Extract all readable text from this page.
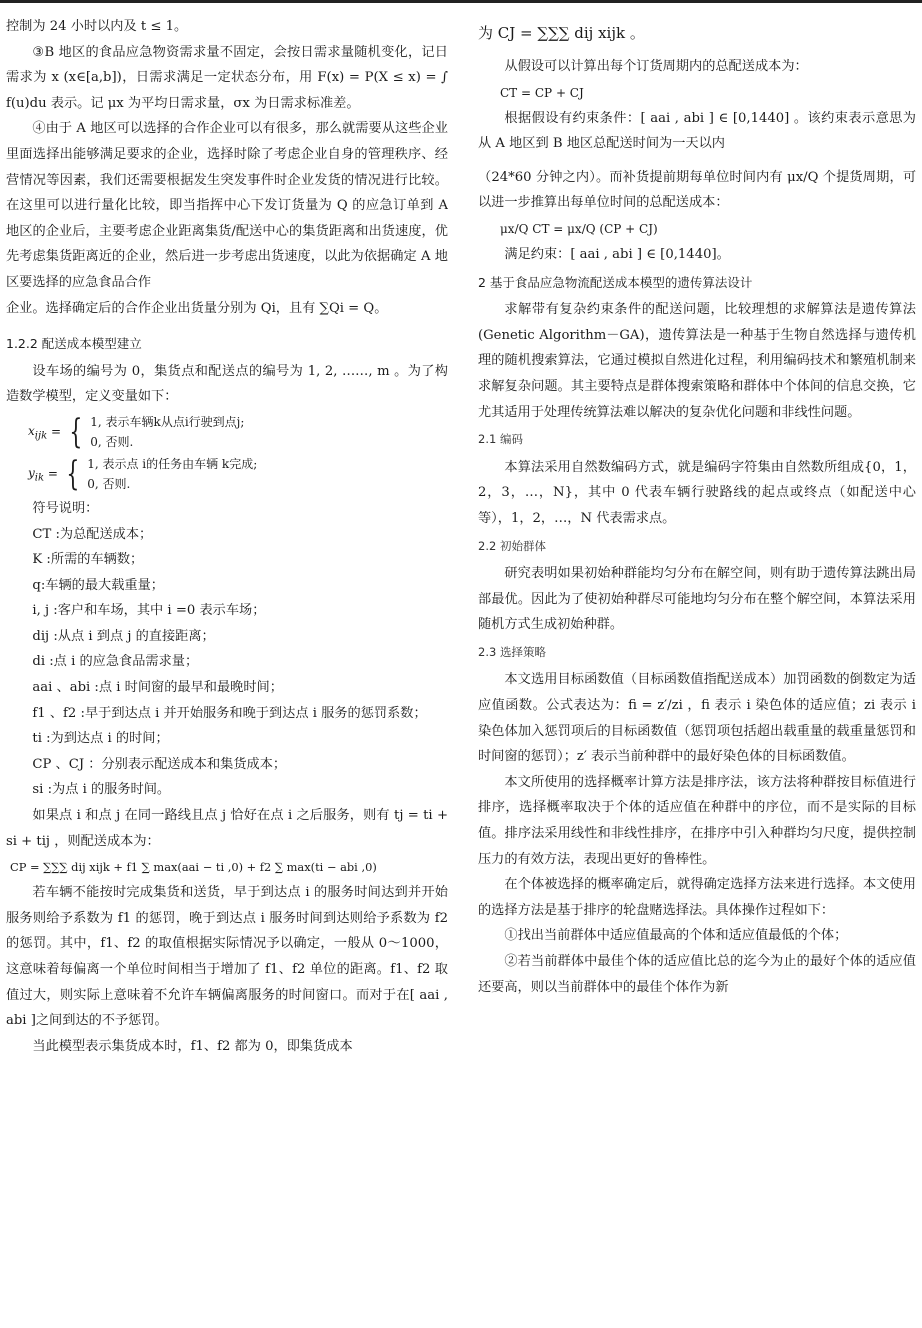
控制为 24 小时以内及 t ≤ 1。

③B 地区的食品应急物资需求量不固定，会按日需求量随机变化，记日需求为 x (x∈[a,b])，日需求满足一定状态分布，用 F(x) = P(X ≤ x) = ∫ f(u)du 表示。记 μx 为平均日需求量，σx 为日需求标准差。

④由于 A 地区可以选择的合作企业可以有很多，那么就需要从这些企业里面选择出能够满足要求的企业，选择时除了考虑企业自身的管理秩序、经营情况等因素，我们还需要根据发生突发事件时企业发货的情况进行比较。在这里可以进行量化比较，即当指挥中心下发订货量为 Q 的应急订单到 A 地区的企业后，主要考虑企业距离集货/配送中心的集货距离和出货速度，优先考虑集货距离近的企业，然后进一步考虑出货速度，以此为依据确定 A 地区要选择的应急食品合作

企业。选择确定后的合作企业出货量分别为 Qi，且有 ∑Qi = Q。

1.2.2 配送成本模型建立

设车场的编号为 0，集货点和配送点的编号为 1, 2, ……, m 。为了构造数学模型，定义变量如下：

$x_{ijk}$ = { 1, 表示车辆k从点i行驶到点j;
0, 否则.
$y_{ik}$ = { 1, 表示点 i的任务由车辆 k完成;
0, 否则.

符号说明：

CT :为总配送成本；

K :所需的车辆数；

q:车辆的最大载重量；

i, j :客户和车场，其中 i =0 表示车场；

dij :从点 i 到点 j 的直接距离；

di :点 i 的应急食品需求量；

aai 、abi :点 i 时间窗的最早和最晚时间；

f1 、f2 :早于到达点 i 并开始服务和晚于到达点 i 服务的惩罚系数；

ti :为到达点 i 的时间；

CP 、CJ ：分别表示配送成本和集货成本；

si :为点 i 的服务时间。

如果点 i 和点 j 在同一路线且点 j 恰好在点 i 之后服务，则有 tj = ti + si + tij ，则配送成本为：

CP = ∑∑∑ dij xijk + f1 ∑ max(aai − ti ,0) + f2 ∑ max(ti − abi ,0)

若车辆不能按时完成集货和送货，早于到达点 i 的服务时间达到并开始服务则给予系数为 f1 的惩罚，晚于到达点 i 服务时间到达则给予系数为 f2 的惩罚。其中，f1、f2 的取值根据实际情况予以确定，一般从 0～1000，这意味着每偏离一个单位时间相当于增加了 f1、f2 单位的距离。f1、f2 取值过大，则实际上意味着不允许车辆偏离服务的时间窗口。而对于在[ aai , abi ]之间到达的不予惩罚。

当此模型表示集货成本时，f1、f2 都为 0，即集货成本

为 CJ = ∑∑∑ dij xijk 。

从假设可以计算出每个订货周期内的总配送成本为：

CT = CP + CJ

根据假设有约束条件：[ aai , abi ] ∈ [0,1440] 。该约束表示意思为从 A 地区到 B 地区总配送时间为一天以内

（24*60 分钟之内）。而补货提前期每单位时间内有 μx/Q 个提货周期，可以进一步推算出每单位时间的总配送成本：

μx/Q CT = μx/Q (CP + CJ)

满足约束：[ aai , abi ] ∈ [0,1440]。

2 基于食品应急物流配送成本模型的遗传算法设计

求解带有复杂约束条件的配送问题，比较理想的求解算法是遗传算法(Genetic Algorithm－GA)，遗传算法是一种基于生物自然选择与遗传机理的随机搜索算法，它通过模拟自然进化过程，利用编码技术和繁殖机制来求解复杂问题。其主要特点是群体搜索策略和群体中个体间的信息交换，它尤其适用于处理传统算法难以解决的复杂优化问题和非线性问题。

2.1 编码

本算法采用自然数编码方式，就是编码字符集由自然数所组成{0，1，2，3，…，N}，其中 0 代表车辆行驶路线的起点或终点（如配送中心等），1，2，…，N 代表需求点。

2.2 初始群体

研究表明如果初始种群能均匀分布在解空间，则有助于遗传算法跳出局部最优。因此为了使初始种群尽可能地均匀分布在整个解空间，本算法采用随机方式生成初始种群。

2.3 选择策略

本文选用目标函数值（目标函数值指配送成本）加罚函数的倒数定为适应值函数。公式表达为：fi = z′/zi ，fi 表示 i 染色体的适应值；zi 表示 i 染色体加入惩罚项后的目标函数值（惩罚项包括超出载重量的载重量惩罚和时间窗的惩罚）；z′ 表示当前种群中的最好染色体的目标函数值。

本文所使用的选择概率计算方法是排序法，该方法将种群按目标值进行排序，选择概率取决于个体的适应值在种群中的序位，而不是实际的目标值。排序法采用线性和非线性排序，在排序中引入种群均匀尺度，提供控制压力的有效方法，表现出更好的鲁棒性。

在个体被选择的概率确定后，就得确定选择方法来进行选择。本文使用的选择方法是基于排序的轮盘赌选择法。具体操作过程如下：

①找出当前群体中适应值最高的个体和适应值最低的个体；

②若当前群体中最佳个体的适应值比总的迄今为止的最好个体的适应值还要高，则以当前群体中的最佳个体作为新
